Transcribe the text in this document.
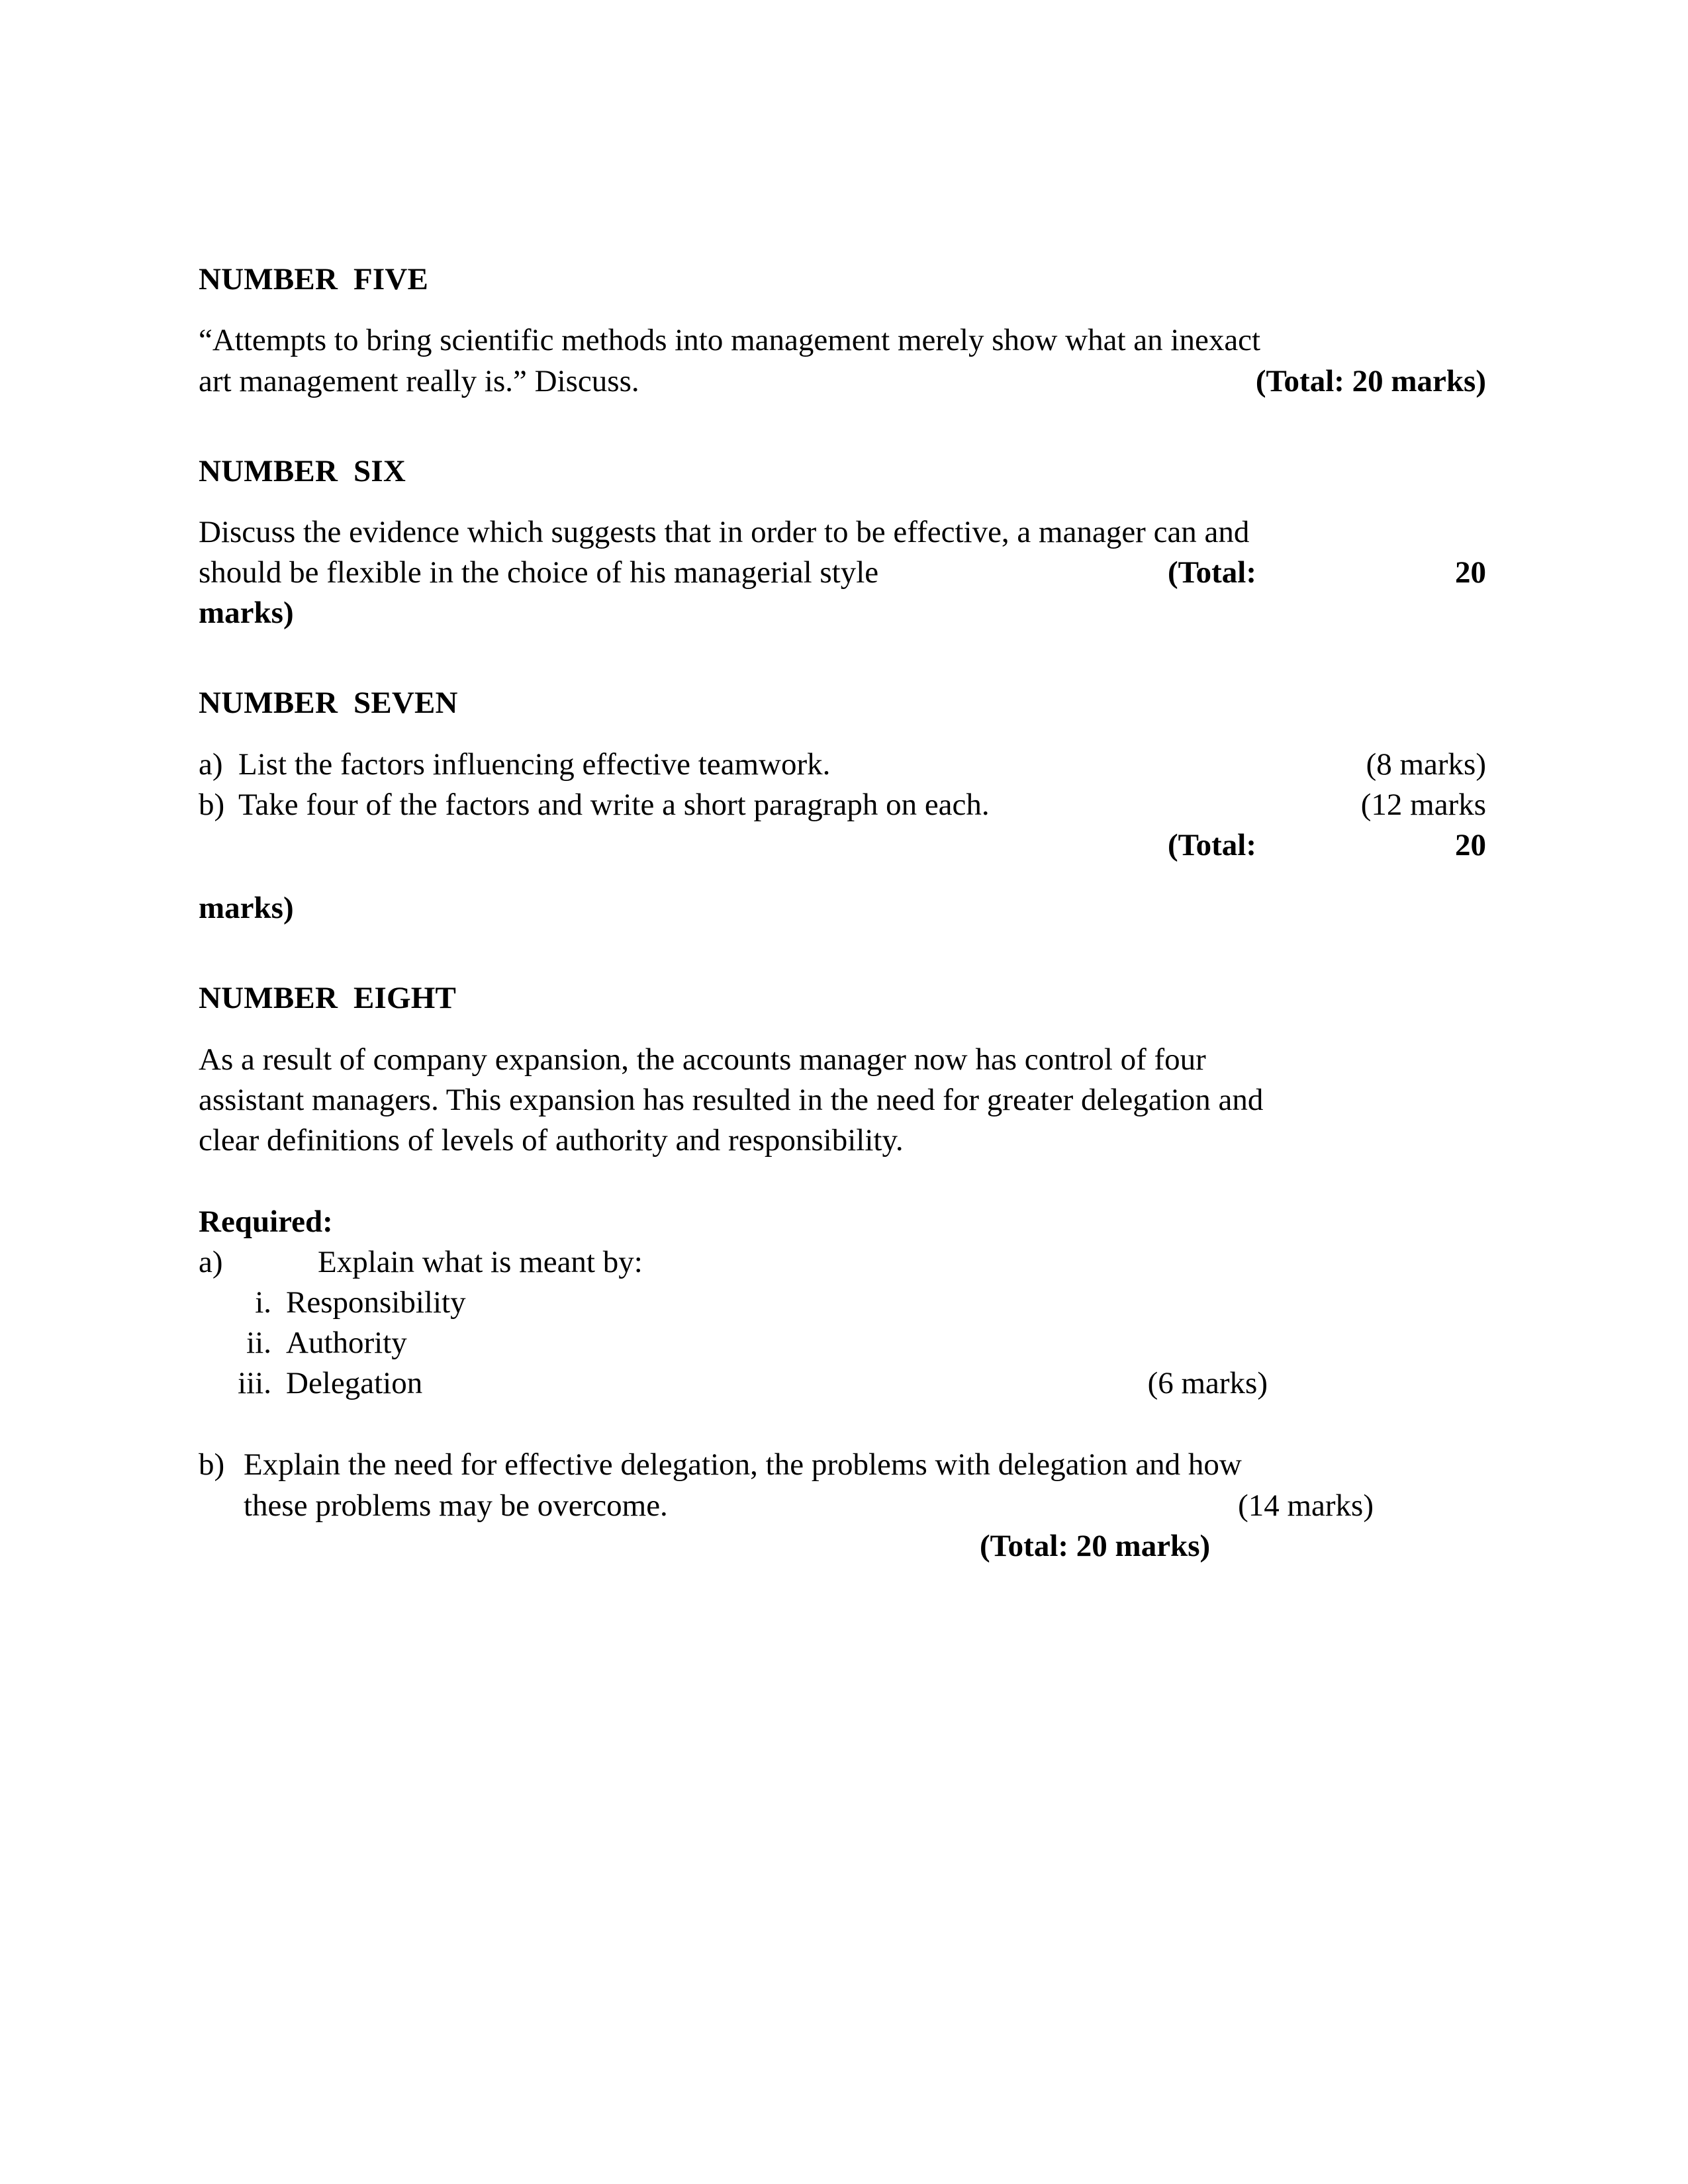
NUMBER  FIVE
“Attempts to bring scientific methods into management merely show what an inexact
art management really is.” Discuss.	(Total: 20 marks)
NUMBER  SIX
Discuss the evidence which suggests that in order to be effective, a manager can and
should be flexible in the choice of his managerial style	(Total:	20
marks)
NUMBER  SEVEN
a) List the factors influencing effective teamwork.	(8 marks)
b) Take four of the factors and write a short paragraph on each.	(12 marks
(Total:	20
marks)
NUMBER  EIGHT
As a result of company expansion, the accounts manager now has control of four
assistant managers. This expansion has resulted in the need for greater delegation and
clear definitions of levels of authority and responsibility.
Required:
a)	Explain what is meant by:
i. Responsibility
ii. Authority
iii. Delegation	(6 marks)
b) Explain the need for effective delegation, the problems with delegation and how
these problems may be overcome.	(14 marks)
(Total: 20 marks)
